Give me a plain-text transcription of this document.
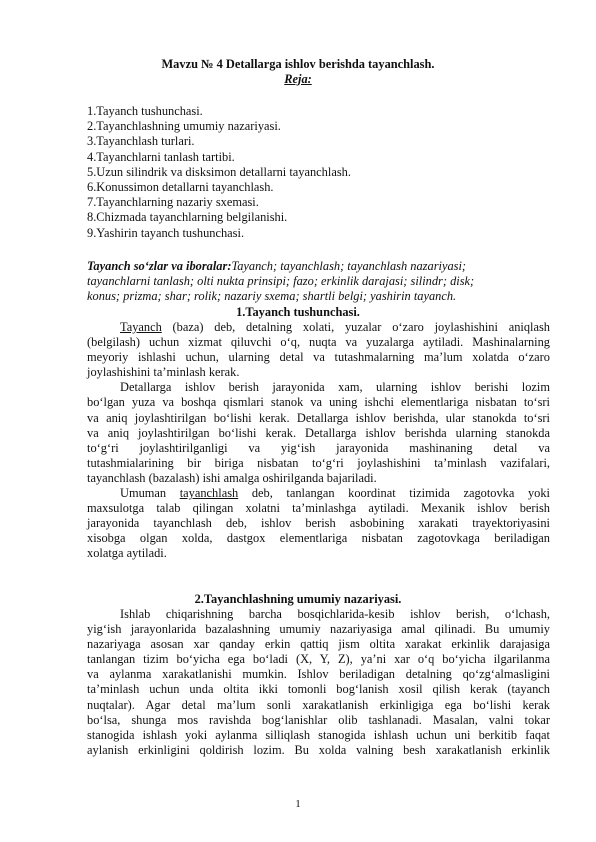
Mavzu № 4 Detallarga ishlov berishda tayanchlash.
Reja:
1.Tayanch tushunchasi.
2.Tayanchlashning umumiy nazariyasi.
3.Tayanchlash turlari.
4.Tayanchlarni tanlash tartibi.
5.Uzun silindrik va disksimon detallarni tayanchlash.
6.Konussimon detallarni tayanchlash.
7.Tayanchlarning nazariy sxemasi.
8.Chizmada tayanchlarning belgilanishi.
9.Yashirin tayanch tushunchasi.
Tayanch so‘zlar va iboralar:Tayanch; tayanchlash; tayanchlash nazariyasi;
tayanchlarni tanlash; olti nukta prinsipi; fazo; erkinlik darajasi; silindr; disk;
konus; prizma; shar; rolik; nazariy sxema; shartli belgi; yashirin tayanch.
1.Tayanch tushunchasi.
Tayanch (baza) deb, detalning xolati, yuzalar o‘zaro joylashishini aniqlash
(belgilash) uchun xizmat qiluvchi o‘q, nuqta va yuzalarga aytiladi. Mashinalarning
meyoriy ishlashi uchun, ularning detal va tutashmalarning ma’lum xolatda o‘zaro
joylashishini ta’minlash kerak.
Detallarga ishlov berish jarayonida xam, ularning ishlov berishi lozim
bo‘lgan yuza va boshqa qismlari stanok va uning ishchi elementlariga nisbatan to‘sri
va aniq joylashtirilgan bo‘lishi kerak. Detallarga ishlov berishda, ular stanokda to‘sri
va aniq joylashtirilgan bo‘lishi kerak. Detallarga ishlov berishda ularning stanokda
to‘g‘ri joylashtirilganligi va yig‘ish jarayonida mashinaning detal va
tutashmialarining bir biriga nisbatan to‘g‘ri joylashishini ta’minlash vazifalari,
tayanchlash (bazalash) ishi amalga oshirilganda bajariladi.
Umuman tayanchlash deb, tanlangan koordinat tizimida zagotovka yoki
maxsulotga talab qilingan xolatni ta’minlashga aytiladi. Mexanik ishlov berish
jarayonida tayanchlash deb, ishlov berish asbobining xarakati trayektoriyasini
xisobga olgan xolda, dastgox elementlariga nisbatan zagotovkaga beriladigan
xolatga aytiladi.
2.Tayanchlashning umumiy nazariyasi.
Ishlab chiqarishning barcha bosqichlarida-kesib ishlov berish, o‘lchash,
yig‘ish jarayonlarida bazalashning umumiy nazariyasiga amal qilinadi. Bu umumiy
nazariyaga asosan xar qanday erkin qattiq jism oltita xarakat erkinlik darajasiga
tanlangan tizim bo‘yicha ega bo‘ladi (X, Y, Z), ya’ni xar o‘q bo‘yicha ilgarilanma
va aylanma xarakatlanishi mumkin. Ishlov beriladigan detalning qo‘zg‘almasligini
ta’minlash uchun unda oltita ikki tomonli bog‘lanish xosil qilish kerak (tayanch
nuqtalar). Agar detal ma’lum sonli xarakatlanish erkinligiga ega bo‘lishi kerak
bo‘lsa, shunga mos ravishda bog‘lanishlar olib tashlanadi. Masalan, valni tokar
stanogida ishlash yoki aylanma silliqlash stanogida ishlash uchun uni berkitib faqat
aylanish erkinligini qoldirish lozim. Bu xolda valning besh xarakatlanish erkinlik
1
